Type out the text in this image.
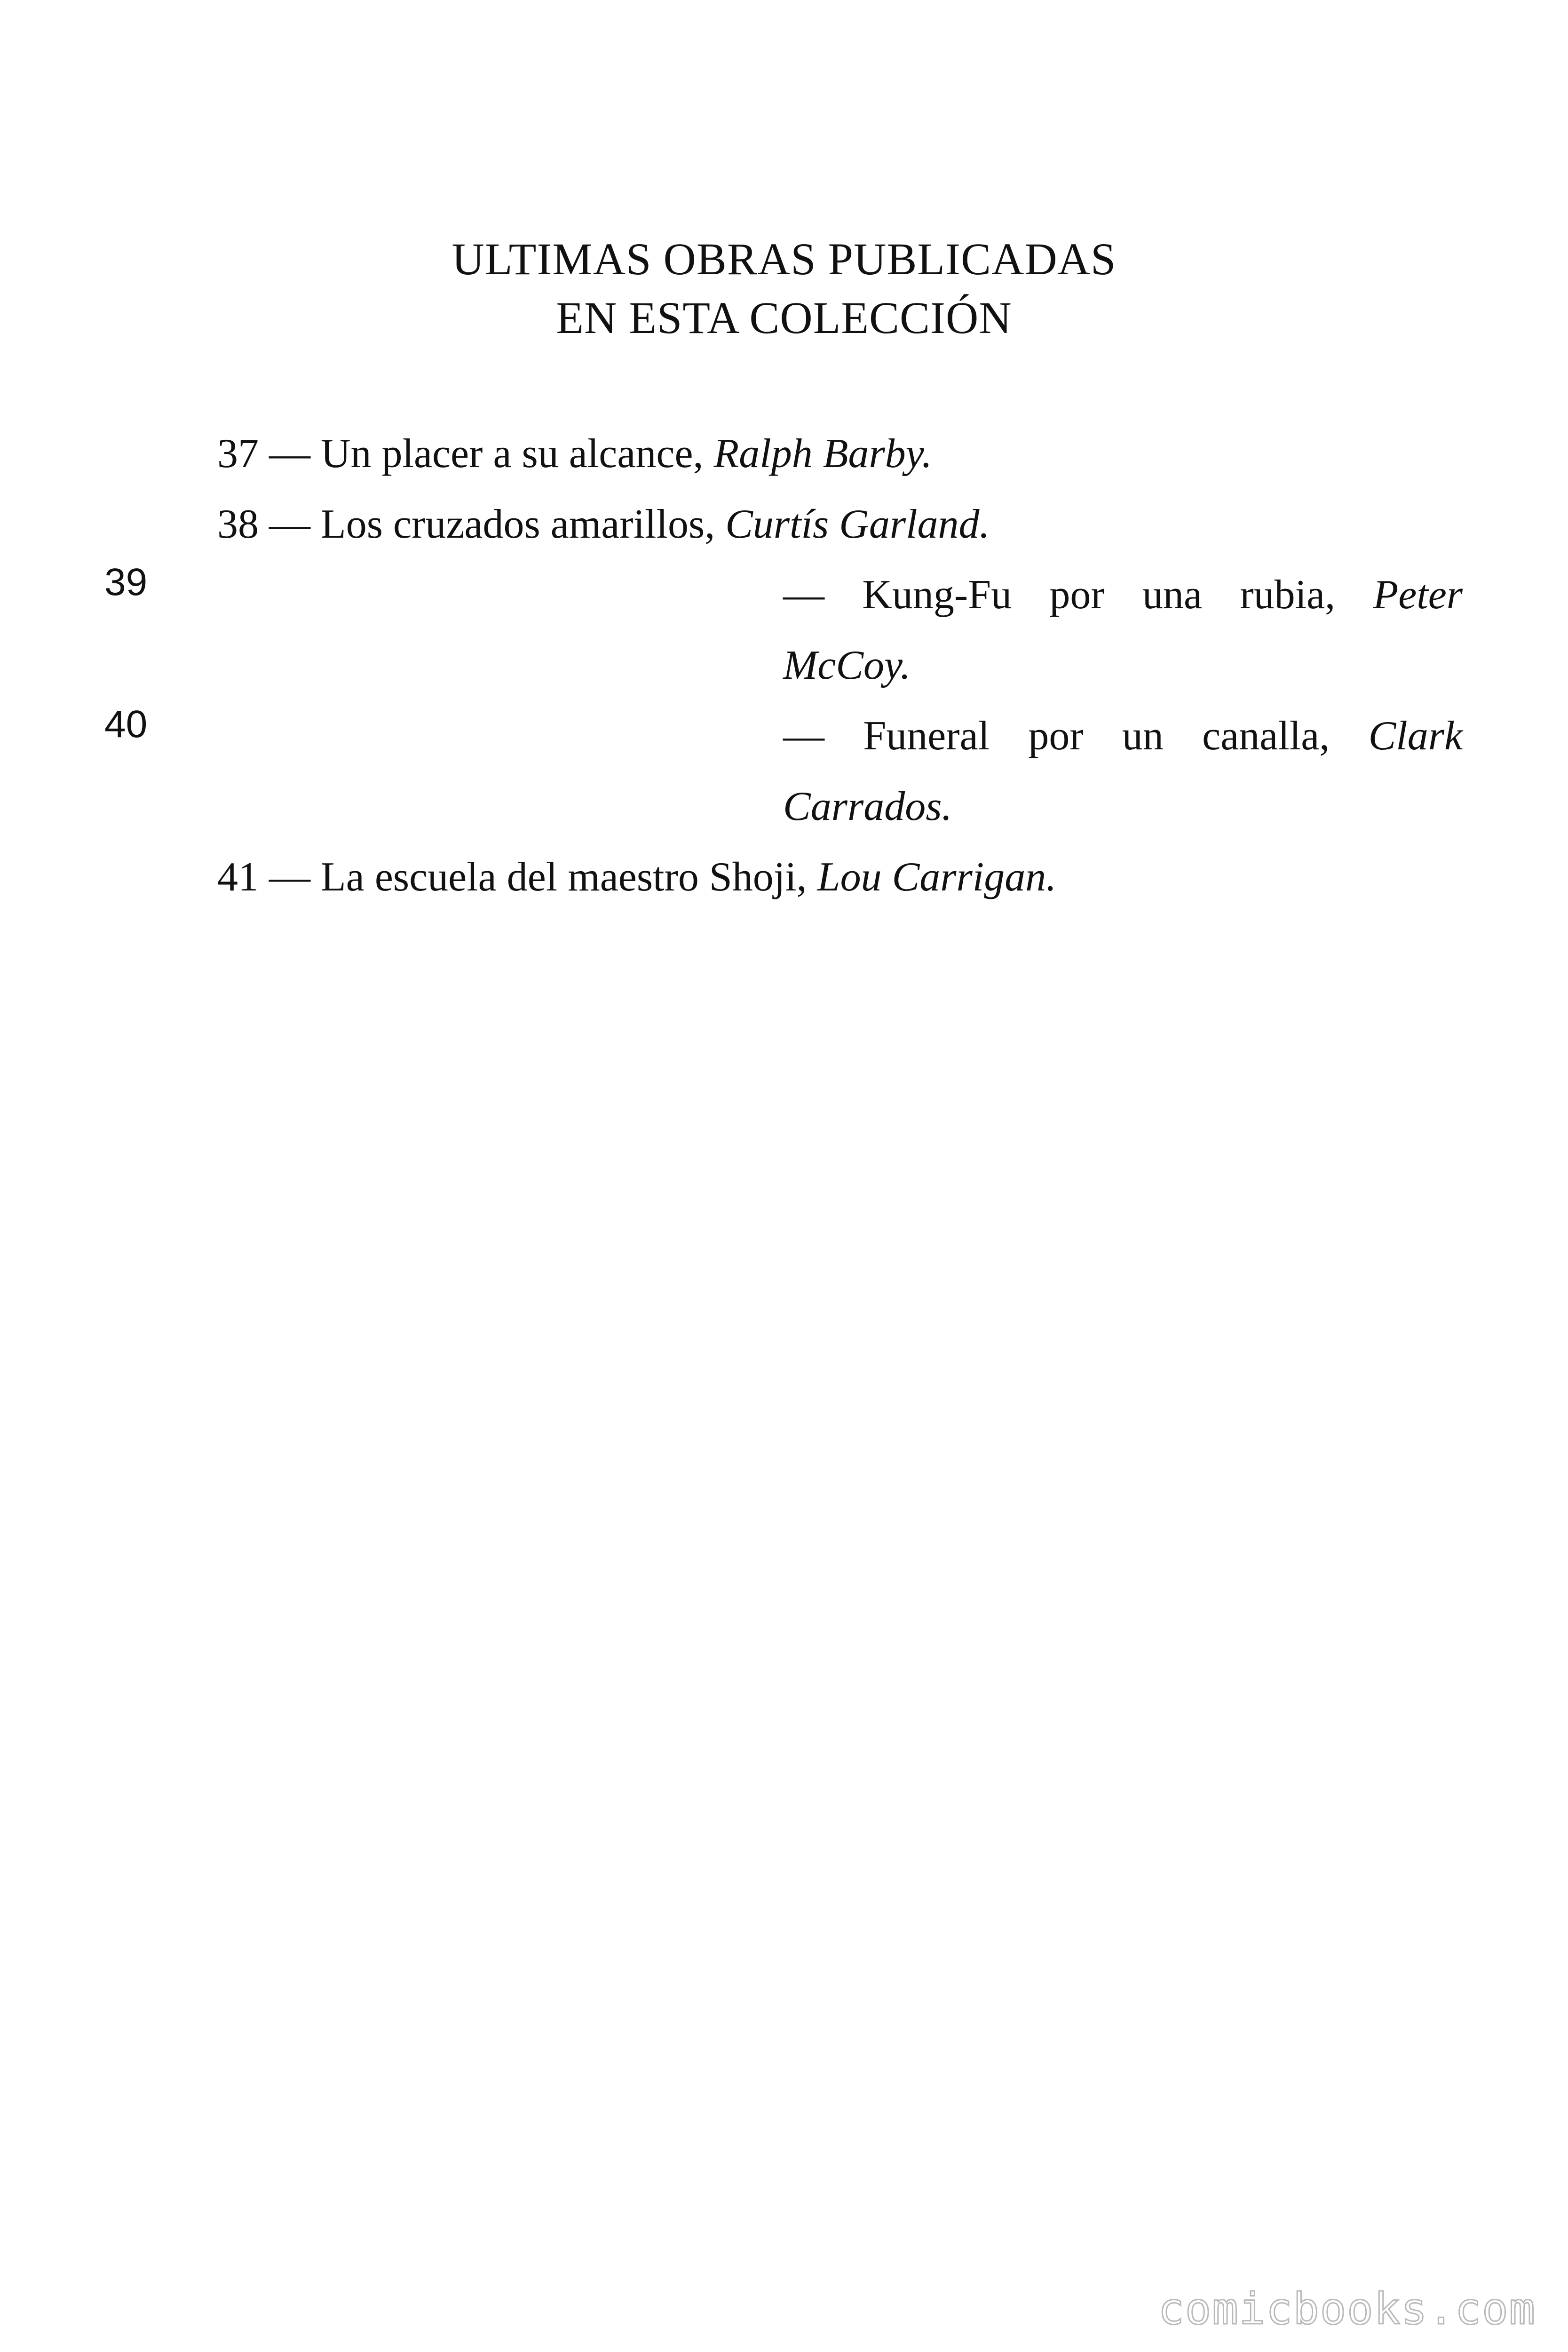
ULTIMAS OBRAS PUBLICADAS
EN ESTA COLECCIÓN
37 — Un placer a su alcance, Ralph Barby.
38 — Los cruzados amarillos, Curtís Garland.
39	— Kung-Fu por una rubia, Peter
McCoy.
40	— Funeral por un canalla, Clark
Carrados.
41 — La escuela del maestro Shoji, Lou Carrigan.
comicbooks.com
